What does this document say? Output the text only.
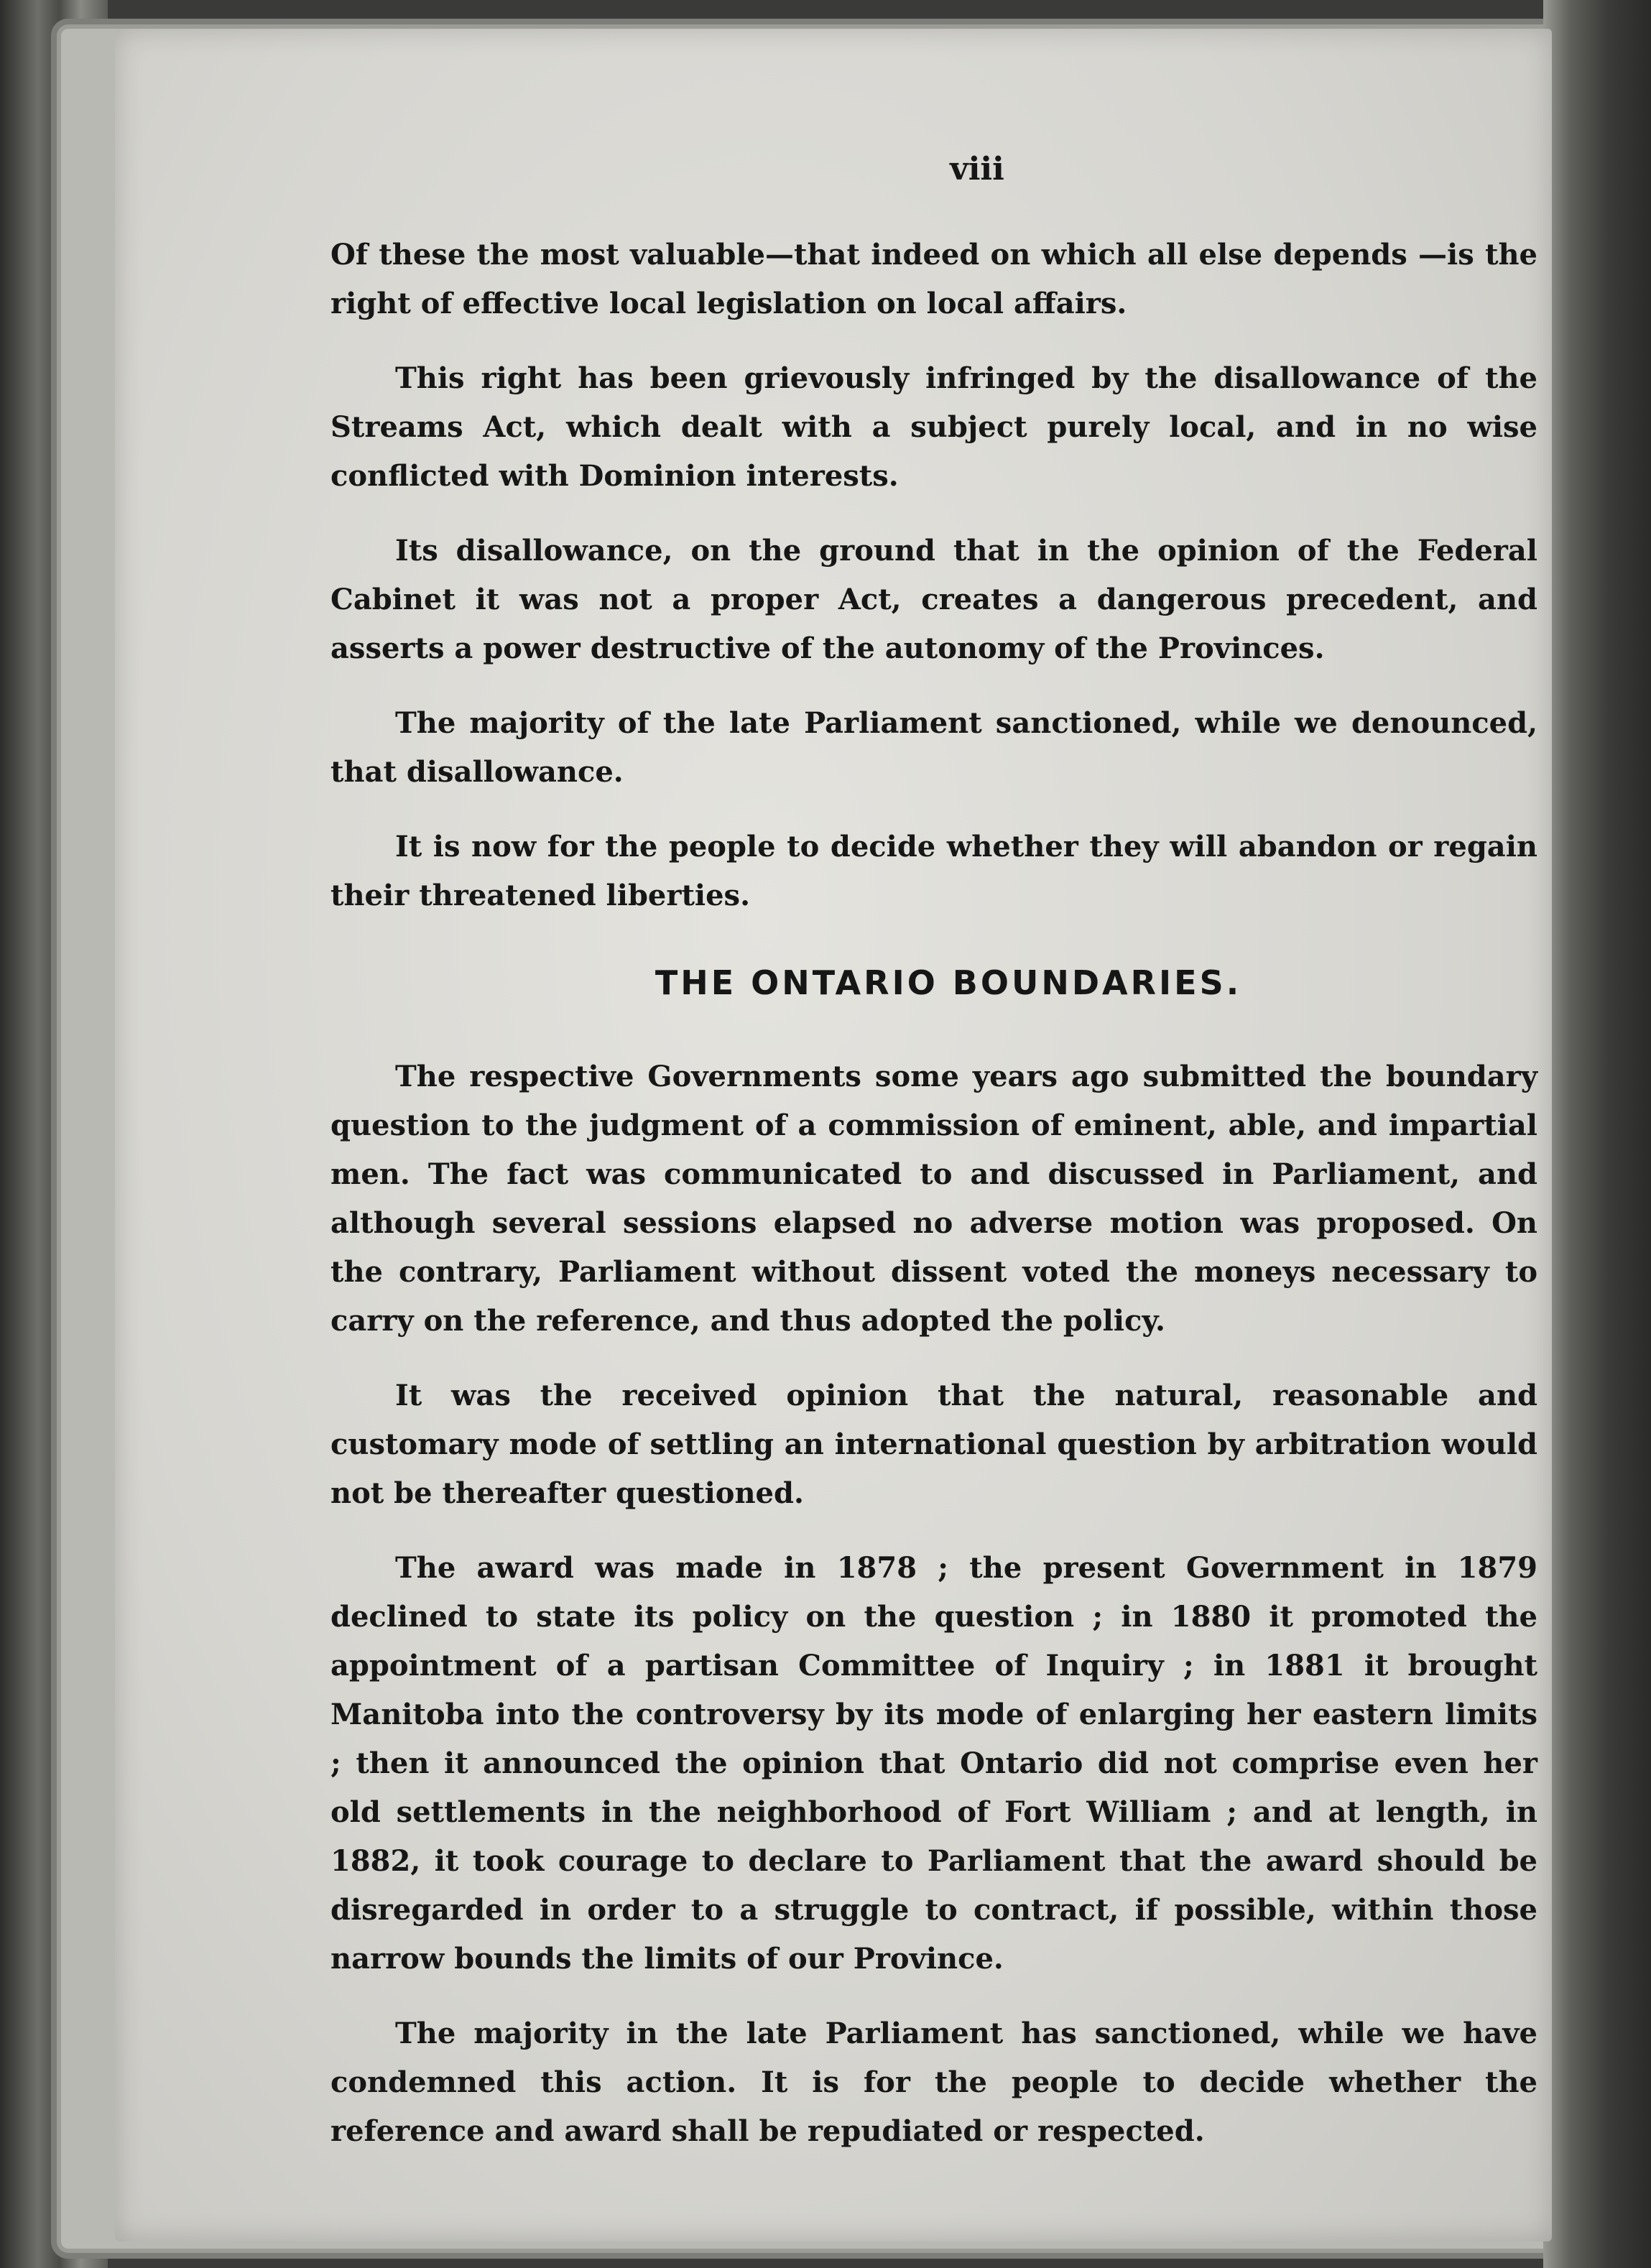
viii

Of these the most valuable—that indeed on which all else depends —is the right of effective local legislation on local affairs.

This right has been grievously infringed by the disallowance of the Streams Act, which dealt with a subject purely local, and in no wise conflicted with Dominion interests.

Its disallowance, on the ground that in the opinion of the Federal Cabinet it was not a proper Act, creates a dangerous precedent, and asserts a power destructive of the autonomy of the Provinces.

The majority of the late Parliament sanctioned, while we denounced, that disallowance.

It is now for the people to decide whether they will abandon or regain their threatened liberties.

THE ONTARIO BOUNDARIES.

The respective Governments some years ago submitted the boundary question to the judgment of a commission of eminent, able, and impartial men. The fact was communicated to and discussed in Parliament, and although several sessions elapsed no adverse motion was proposed. On the contrary, Parliament without dissent voted the moneys necessary to carry on the reference, and thus adopted the policy.

It was the received opinion that the natural, reasonable and customary mode of settling an international question by arbitration would not be thereafter questioned.

The award was made in 1878 ; the present Government in 1879 declined to state its policy on the question ; in 1880 it promoted the appointment of a partisan Committee of Inquiry ; in 1881 it brought Manitoba into the controversy by its mode of enlarging her eastern limits ; then it announced the opinion that Ontario did not comprise even her old settlements in the neighborhood of Fort William ; and at length, in 1882, it took courage to declare to Parliament that the award should be disregarded in order to a struggle to contract, if possible, within those narrow bounds the limits of our Province.

The majority in the late Parliament has sanctioned, while we have condemned this action. It is for the people to decide whether the reference and award shall be repudiated or respected.
